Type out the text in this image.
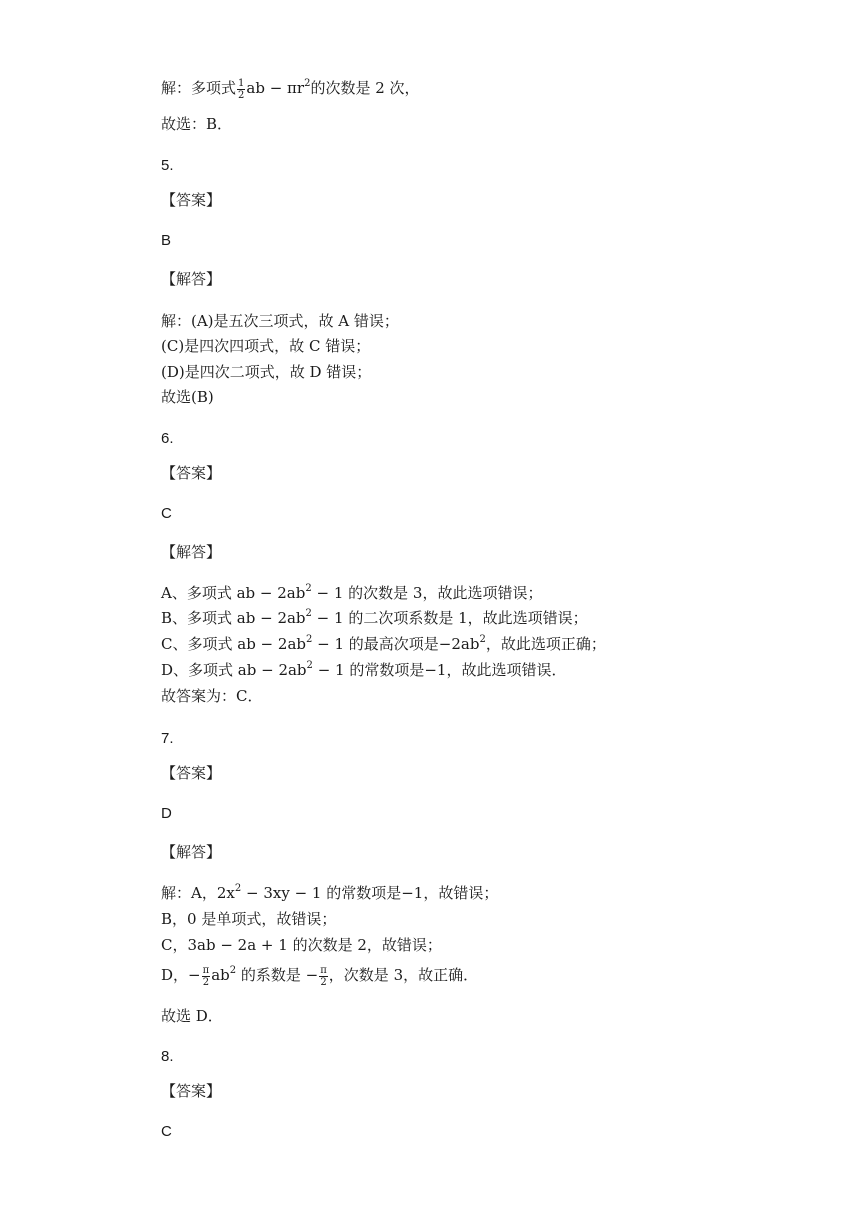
解：多项式 $\frac{1}{2}$ ab − $\pi r^2$的次数是 2 次，
故选：B．
5.
【答案】
B
【解答】
解：(A)是五次三项式，故 A 错误；
(C)是四次四项式，故 C 错误；
(D)是四次二项式，故 D 错误；
故选(B)
6.
【答案】
C
【解答】
A、多项式 ab − $2ab^2 - 1$ 的次数是 3，故此选项错误；
B、多项式 ab − $2ab^2 - 1$ 的二次项系数是 1，故此选项错误；
C、多项式 ab − $2ab^2 - 1$ 的最高次项是$-2ab^2$，故此选项正确；
D、多项式 ab − $2ab^2 - 1$ 的常数项是−1，故此选项错误．
故答案为：C．
7.
【答案】
D
【解答】
解：A，$2x^2 - 3xy - 1$ 的常数项是−1，故错误；
B，0 是单项式，故错误；
C，3ab − 2a + 1 的次数是 2，故错误；
D，− $\frac{\pi}{2} ab^2$ 的系数是 − $\frac{\pi}{2}$ ，次数是 3，故正确．
故选 D．
8.
【答案】
C
